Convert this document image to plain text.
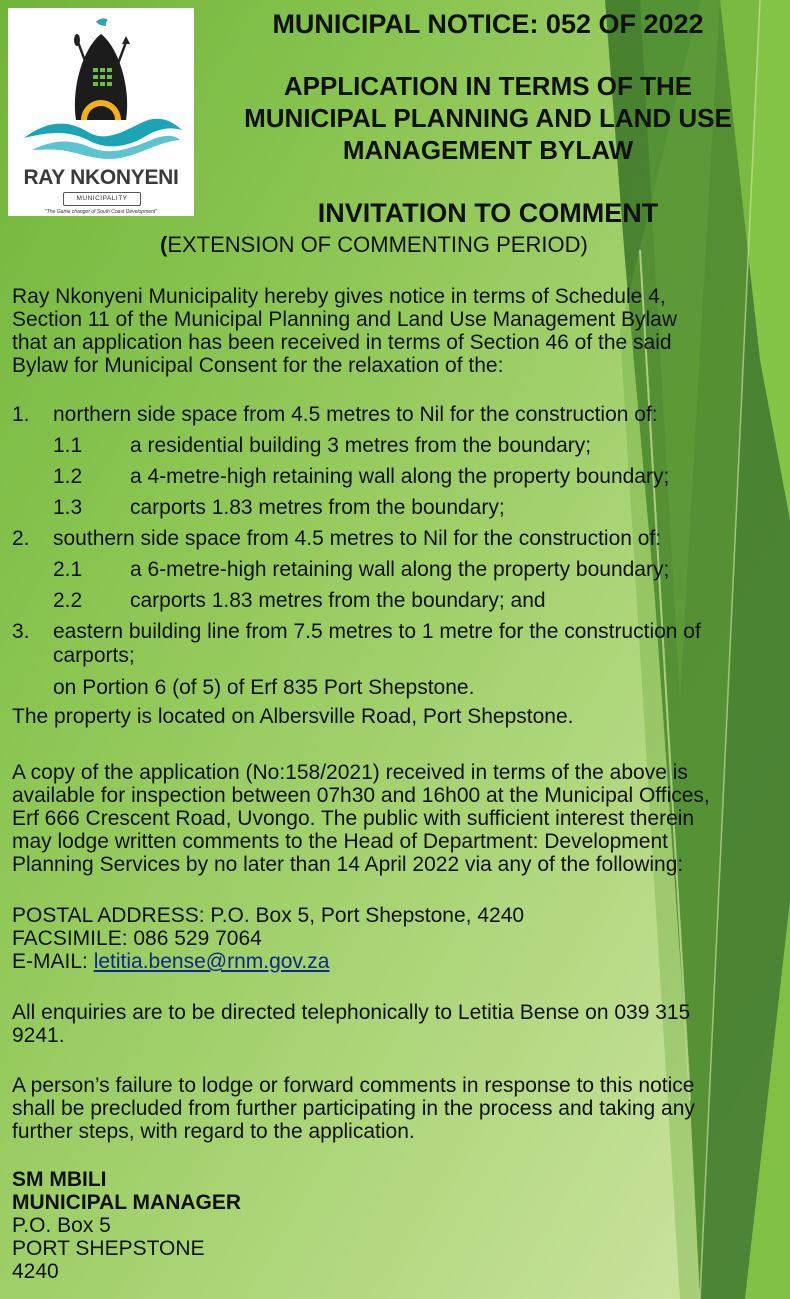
RAY NKONYENI
MUNICIPALITY
"The Game changer of South Coast Development"
MUNICIPAL NOTICE: 052 OF 2022
APPLICATION IN TERMS OF THE
MUNICIPAL PLANNING AND LAND USE
MANAGEMENT BYLAW
INVITATION TO COMMENT
(EXTENSION OF COMMENTING PERIOD)
Ray Nkonyeni Municipality hereby gives notice in terms of Schedule 4,
Section 11 of the Municipal Planning and Land Use Management Bylaw
that an application has been received in terms of Section 46 of the said
Bylaw for Municipal Consent for the relaxation of the:
1. northern side space from 4.5 metres to Nil for the construction of:
1.1 a residential building 3 metres from the boundary;
1.2 a 4-metre-high retaining wall along the property boundary;
1.3 carports 1.83 metres from the boundary;
2. southern side space from 4.5 metres to Nil for the construction of:
2.1 a 6-metre-high retaining wall along the property boundary;
2.2 carports 1.83 metres from the boundary; and
3. eastern building line from 7.5 metres to 1 metre for the construction of
carports;
on Portion 6 (of 5) of Erf 835 Port Shepstone.
The property is located on Albersville Road, Port Shepstone.
A copy of the application (No:158/2021) received in terms of the above is
available for inspection between 07h30 and 16h00 at the Municipal Offices,
Erf 666 Crescent Road, Uvongo. The public with sufficient interest therein
may lodge written comments to the Head of Department: Development
Planning Services by no later than 14 April 2022 via any of the following:
POSTAL ADDRESS: P.O. Box 5, Port Shepstone, 4240
FACSIMILE: 086 529 7064
E-MAIL: letitia.bense@rnm.gov.za
All enquiries are to be directed telephonically to Letitia Bense on 039 315
9241.
A person’s failure to lodge or forward comments in response to this notice
shall be precluded from further participating in the process and taking any
further steps, with regard to the application.
SM MBILI
MUNICIPAL MANAGER
P.O. Box 5
PORT SHEPSTONE
4240
